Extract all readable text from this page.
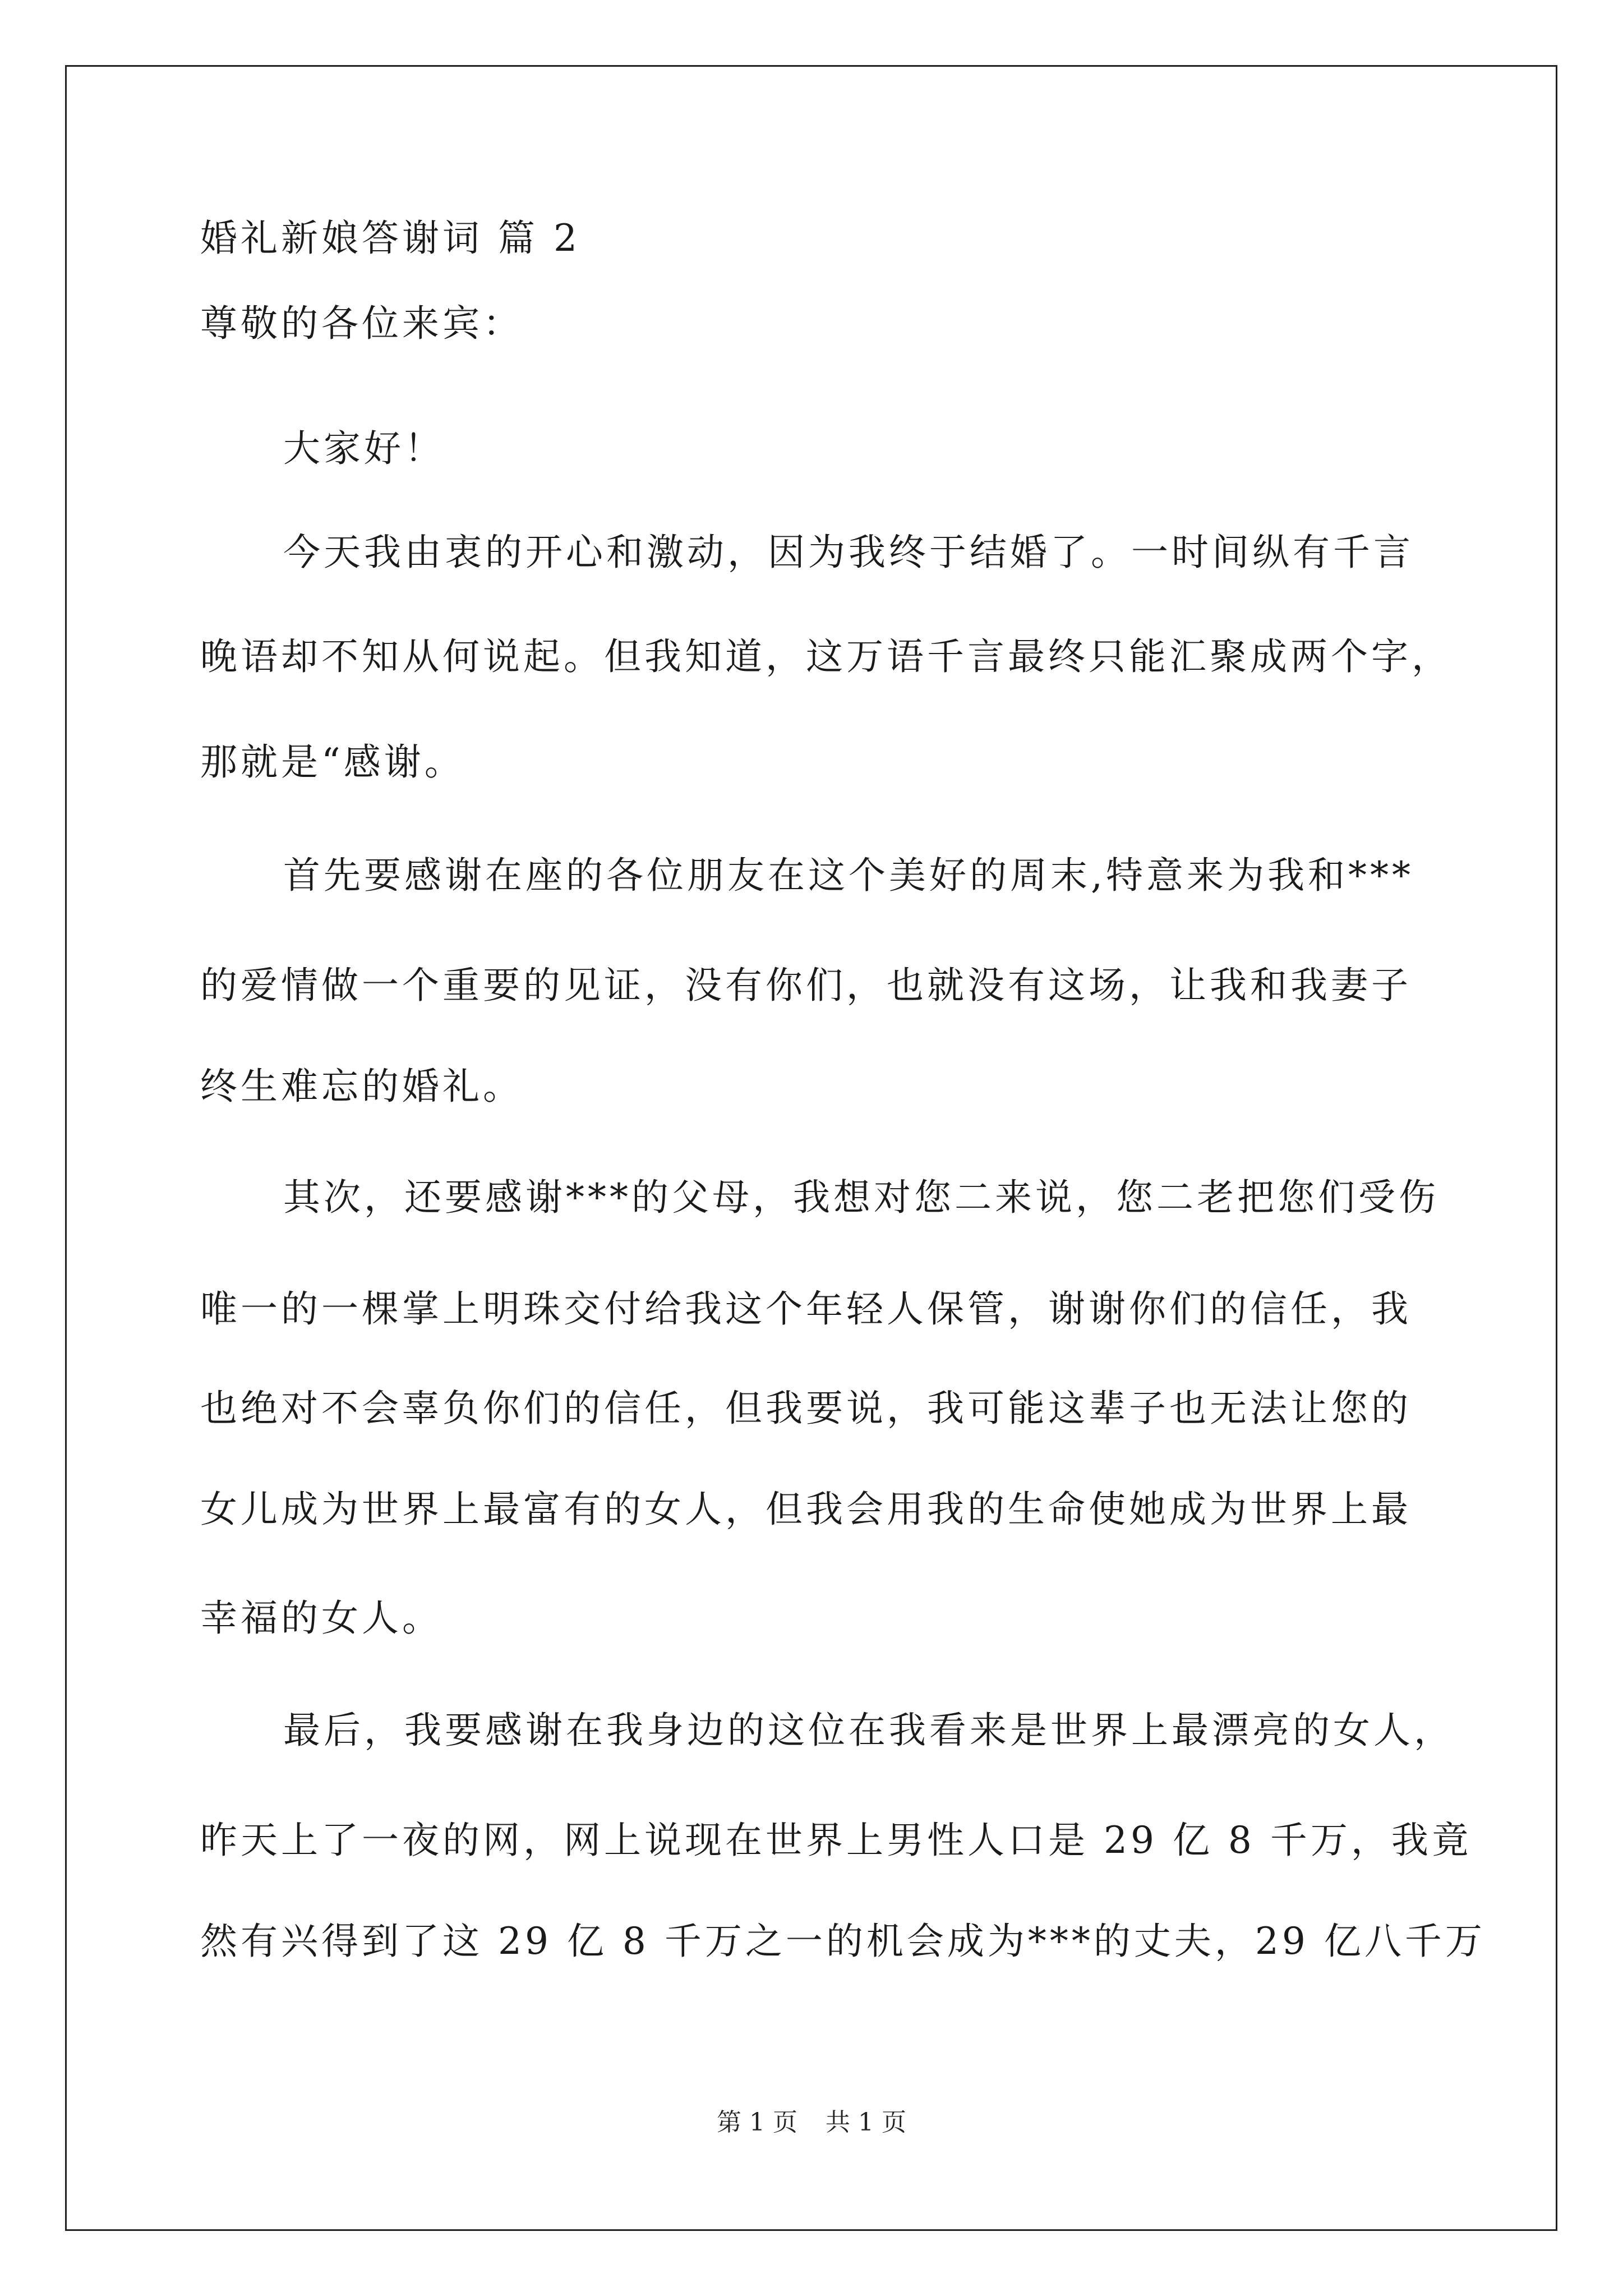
婚礼新娘答谢词 篇 2
尊敬的各位来宾：
大家好！
今天我由衷的开心和激动，因为我终于结婚了。一时间纵有千言
晚语却不知从何说起。但我知道，这万语千言最终只能汇聚成两个字，
那就是“感谢。
首先要感谢在座的各位朋友在这个美好的周末,特意来为我和***
的爱情做一个重要的见证，没有你们，也就没有这场，让我和我妻子
终生难忘的婚礼。
其次，还要感谢***的父母，我想对您二来说，您二老把您们受伤
唯一的一棵掌上明珠交付给我这个年轻人保管，谢谢你们的信任，我
也绝对不会辜负你们的信任，但我要说，我可能这辈子也无法让您的
女儿成为世界上最富有的女人，但我会用我的生命使她成为世界上最
幸福的女人。
最后，我要感谢在我身边的这位在我看来是世界上最漂亮的女人，
昨天上了一夜的网，网上说现在世界上男性人口是 29 亿 8 千万，我竟
然有兴得到了这 29 亿 8 千万之一的机会成为***的丈夫，29 亿八千万
第 1 页 共 1 页
